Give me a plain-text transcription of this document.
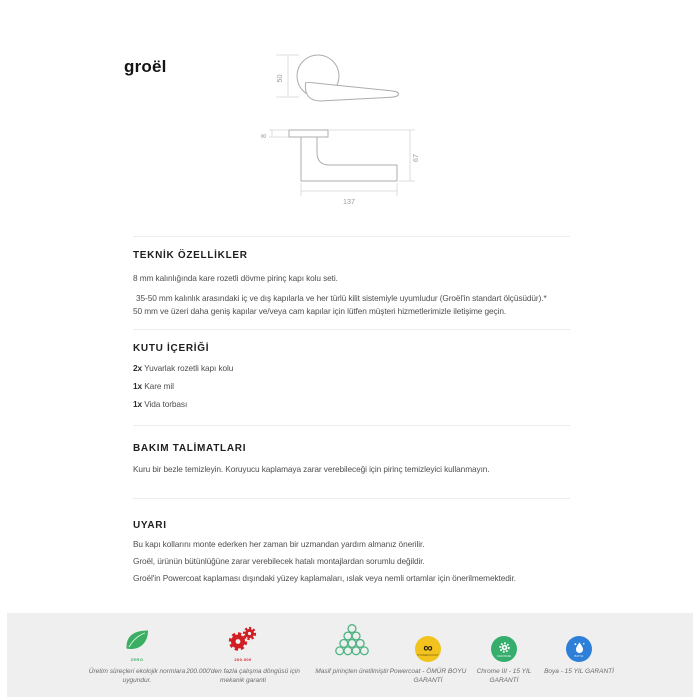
groël
50
8
67
137
TEKNİK ÖZELLİKLER

8 mm kalınlığında kare rozetli dövme pirinç kapı kolu seti.

35-50 mm kalınlık arasındaki iç ve dış kapılarla ve her türlü kilit sistemiyle uyumludur (Groël'in standart ölçüsüdür).*
50 mm ve üzeri daha geniş kapılar ve/veya cam kapılar için lütfen müşteri hizmetlerimizle iletişime geçin.
KUTU İÇERİĞİ
2x Yuvarlak rozetli kapı kolu
1x Kare mil
1x Vida torbası
BAKIM TALİMATLARI

Kuru bir bezle temizleyin. Koruyucu kaplamaya zarar verebileceği için pirinç temizleyici kullanmayın.

UYARI

Bu kapı kollarını monte ederken her zaman bir uzmandan yardım almanız önerilir.

Groël, ürünün bütünlüğüne zarar verebilecek hatalı montajlardan sorumlu değildir.

Groël'in Powercoat kaplaması dışındaki yüzey kaplamaları, ıslak veya nemli ortamlar için önerilmemektedir.

ZERO
Üretim süreçleri ekolojik normlara uygundur.
200.000
200.000'den fazla çalışma döngüsü için mekanik garanti
Masif pirinçten üretilmiştir
∞
POWERCOAT
Powercoat - ÖMÜR BOYU GARANTİ
CHROME
Chrome III - 15 YIL GARANTİ
BOYA
Boya - 15 YIL GARANTİ
